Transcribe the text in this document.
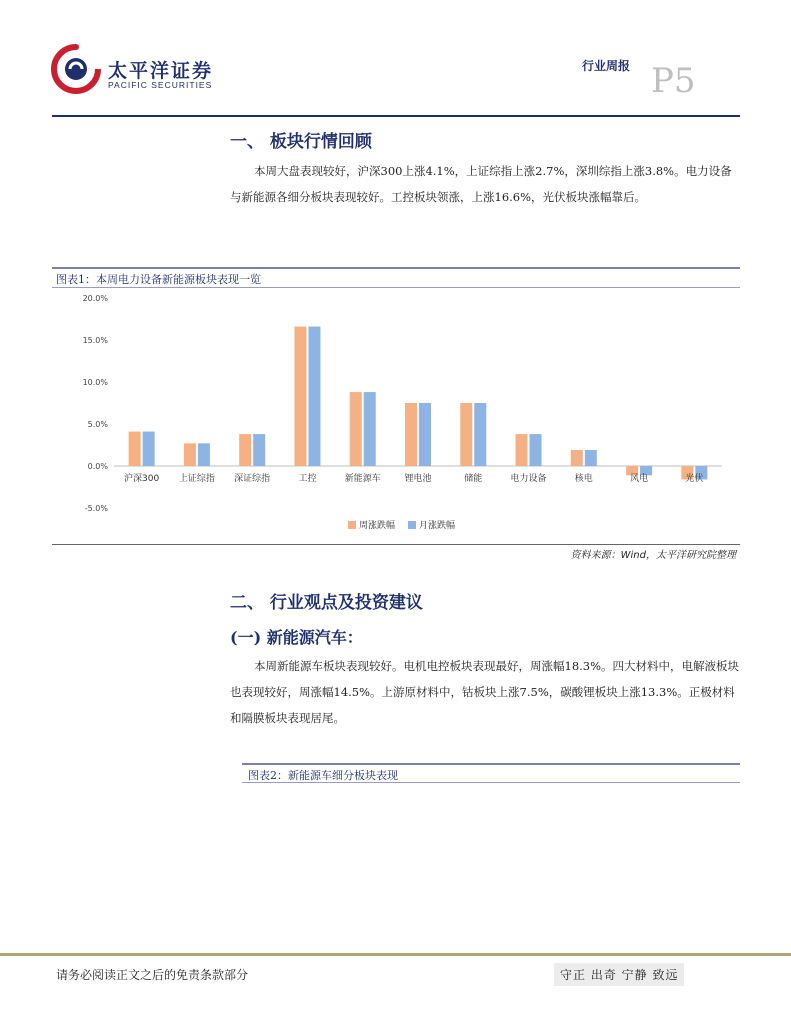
太平洋证券
PACIFIC SECURITIES
行业周报 P5
一、 板块行情回顾
本周大盘表现较好，沪深300上涨4.1%，上证综指上涨2.7%，深圳综指上涨3.8%。电力设备与新能源各细分板块表现较好。工控板块领涨，上涨16.6%，光伏板块涨幅靠后。
图表1：本周电力设备新能源板块表现一览
20.0%
15.0%
10.0%
5.0%
0.0%
-5.0%
沪深300 上证综指 深证综指	工控	新能源车	锂电池	储能	电力设备	核电	风电	光伏
周涨跌幅	月涨跌幅
资料来源：Wind，太平洋研究院整理
二、 行业观点及投资建议
(一) 新能源汽车：
本周新能源车板块表现较好。电机电控板块表现最好，周涨幅18.3%。四大材料中，电解液板块也表现较好，周涨幅14.5%。上游原材料中，钴板块上涨7.5%，碳酸锂板块上涨13.3%。正极材料和隔膜板块表现居尾。
图表2：新能源车细分板块表现
请务必阅读正文之后的免责条款部分	守正 出奇 宁静 致远
